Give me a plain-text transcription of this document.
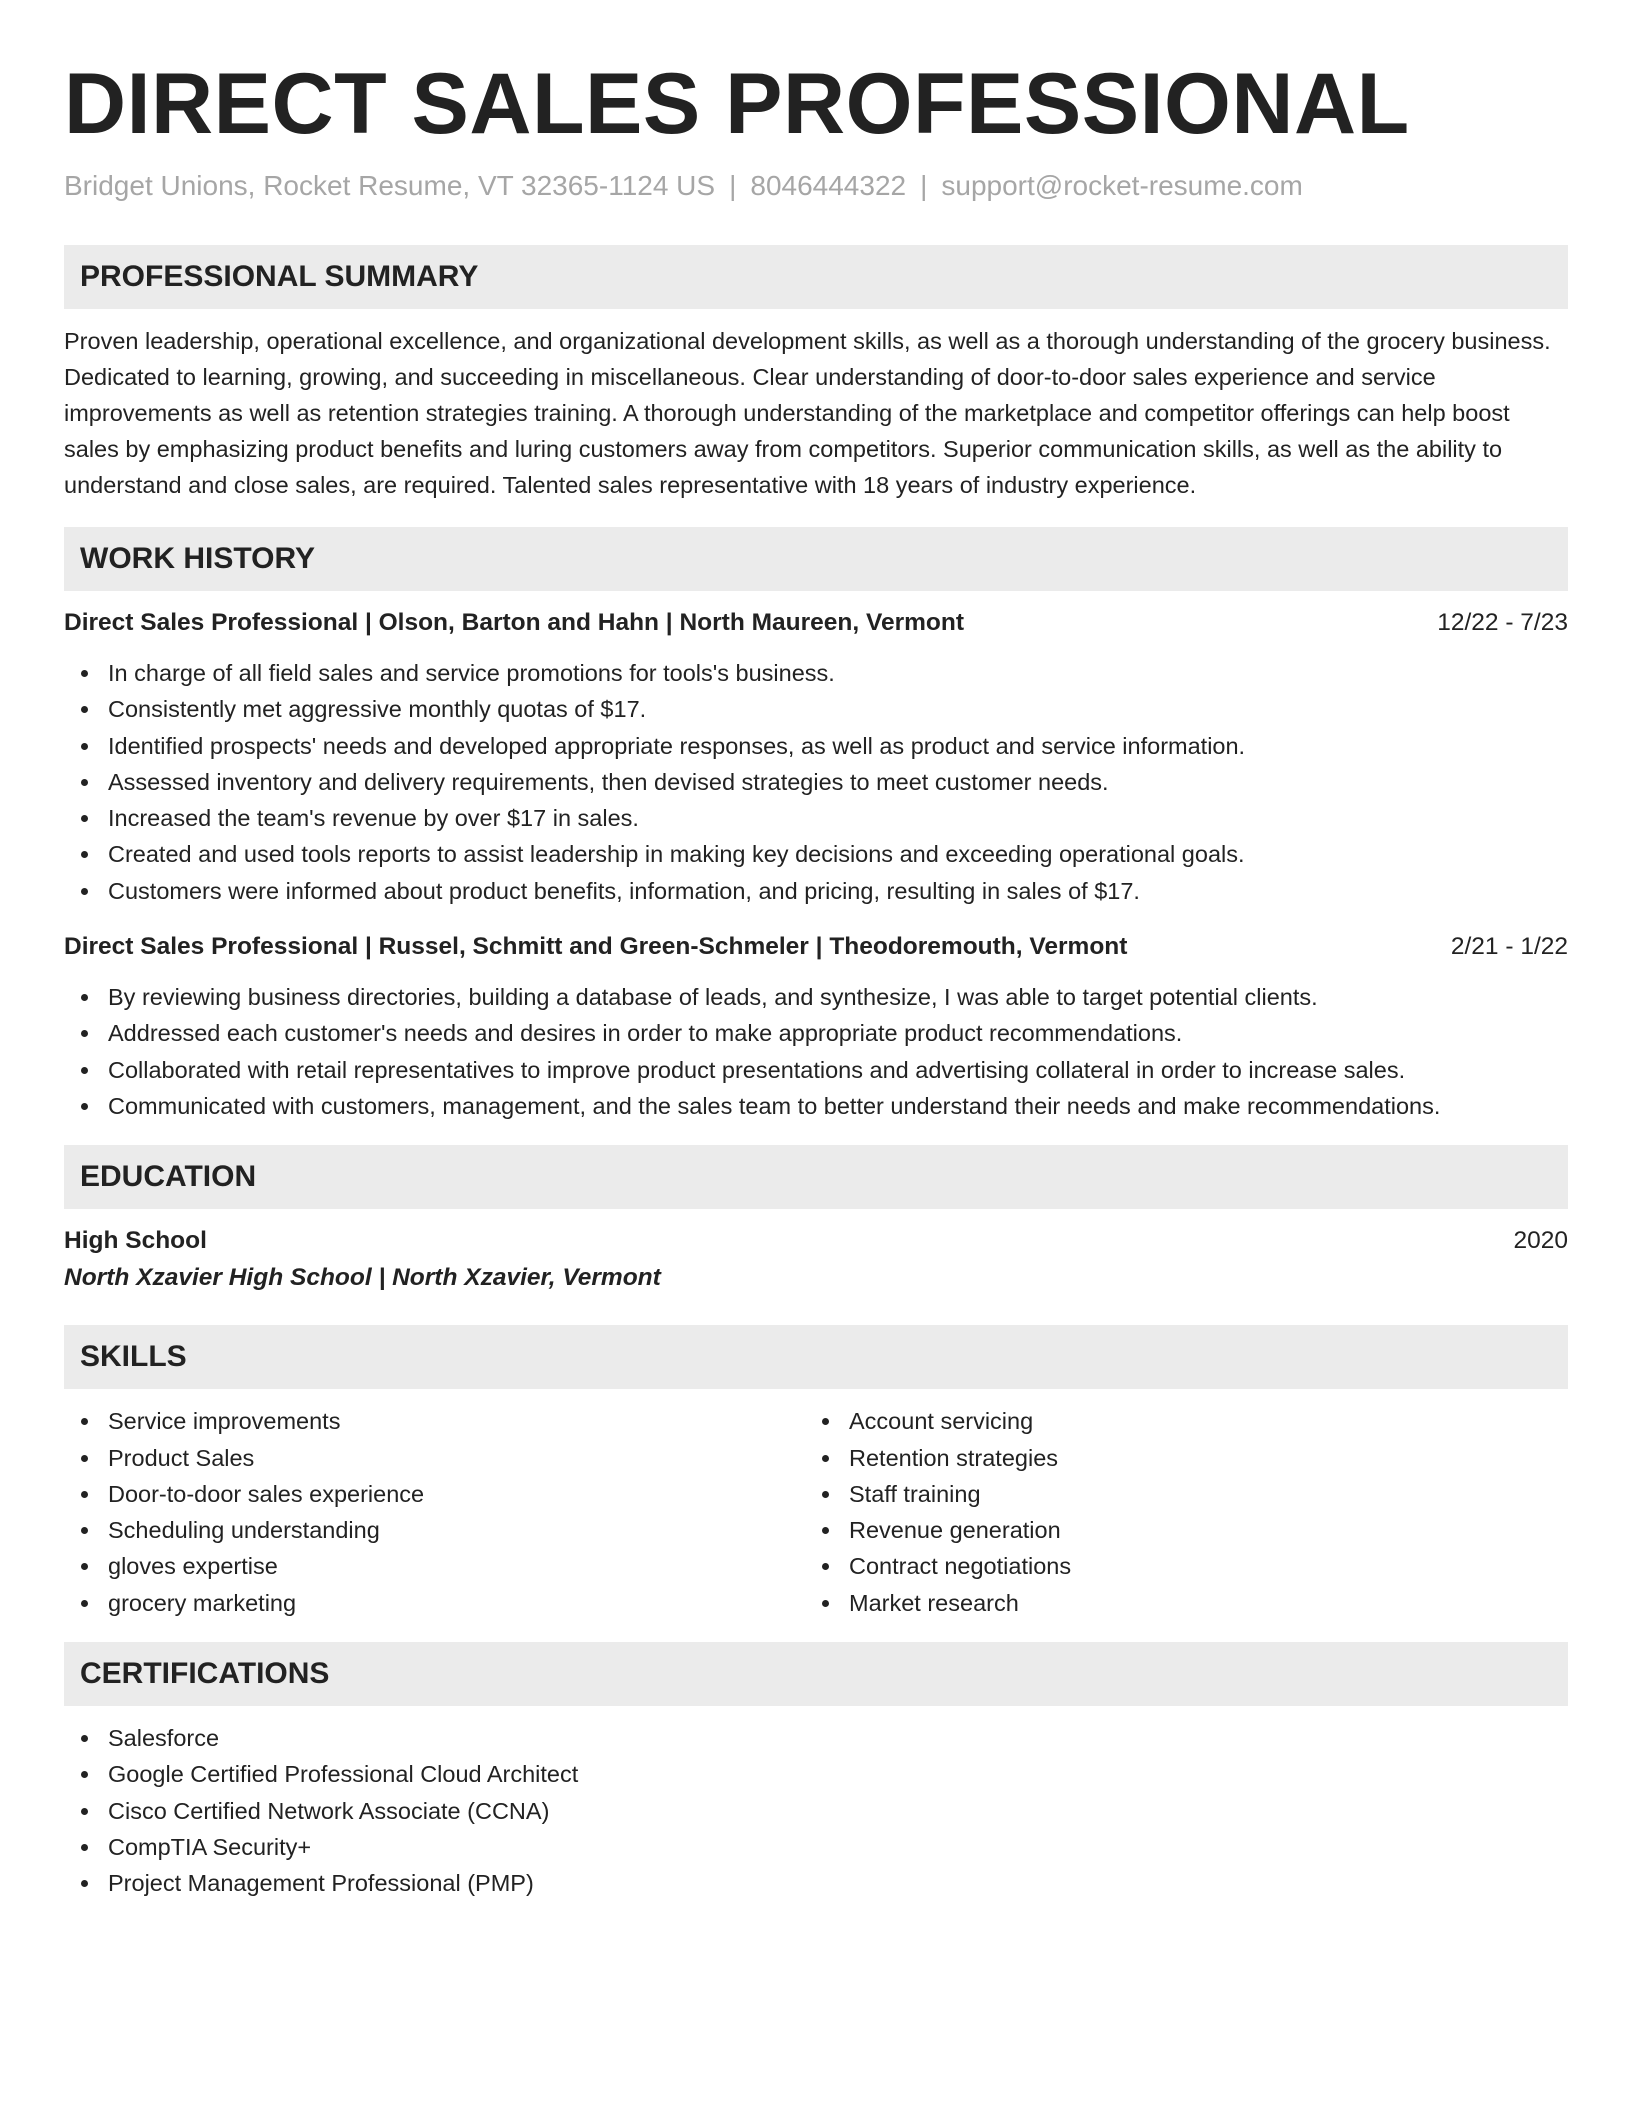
DIRECT SALES PROFESSIONAL
Bridget Unions, Rocket Resume, VT 32365-1124 US | 8046444322 | support@rocket-resume.com
PROFESSIONAL SUMMARY

Proven leadership, operational excellence, and organizational development skills, as well as a thorough understanding of the grocery business. Dedicated to learning, growing, and succeeding in miscellaneous. Clear understanding of door-to-door sales experience and service improvements as well as retention strategies training. A thorough understanding of the marketplace and competitor offerings can help boost sales by emphasizing product benefits and luring customers away from competitors. Superior communication skills, as well as the ability to understand and close sales, are required. Talented sales representative with 18 years of industry experience.

WORK HISTORY
Direct Sales Professional | Olson, Barton and Hahn | North Maureen, Vermont	12/22 - 7/23
In charge of all field sales and service promotions for tools's business.
Consistently met aggressive monthly quotas of $17.
Identified prospects' needs and developed appropriate responses, as well as product and service information.
Assessed inventory and delivery requirements, then devised strategies to meet customer needs.
Increased the team's revenue by over $17 in sales.
Created and used tools reports to assist leadership in making key decisions and exceeding operational goals.
Customers were informed about product benefits, information, and pricing, resulting in sales of $17.
Direct Sales Professional | Russel, Schmitt and Green-Schmeler | Theodoremouth, Vermont	2/21 - 1/22
By reviewing business directories, building a database of leads, and synthesize, I was able to target potential clients.
Addressed each customer's needs and desires in order to make appropriate product recommendations.
Collaborated with retail representatives to improve product presentations and advertising collateral in order to increase sales.
Communicated with customers, management, and the sales team to better understand their needs and make recommendations.
EDUCATION
High School	2020
North Xzavier High School | North Xzavier, Vermont
SKILLS
Service improvements
Product Sales
Door-to-door sales experience
Scheduling understanding
gloves expertise
grocery marketing
Account servicing
Retention strategies
Staff training
Revenue generation
Contract negotiations
Market research
CERTIFICATIONS
Salesforce
Google Certified Professional Cloud Architect
Cisco Certified Network Associate (CCNA)
CompTIA Security+
Project Management Professional (PMP)
